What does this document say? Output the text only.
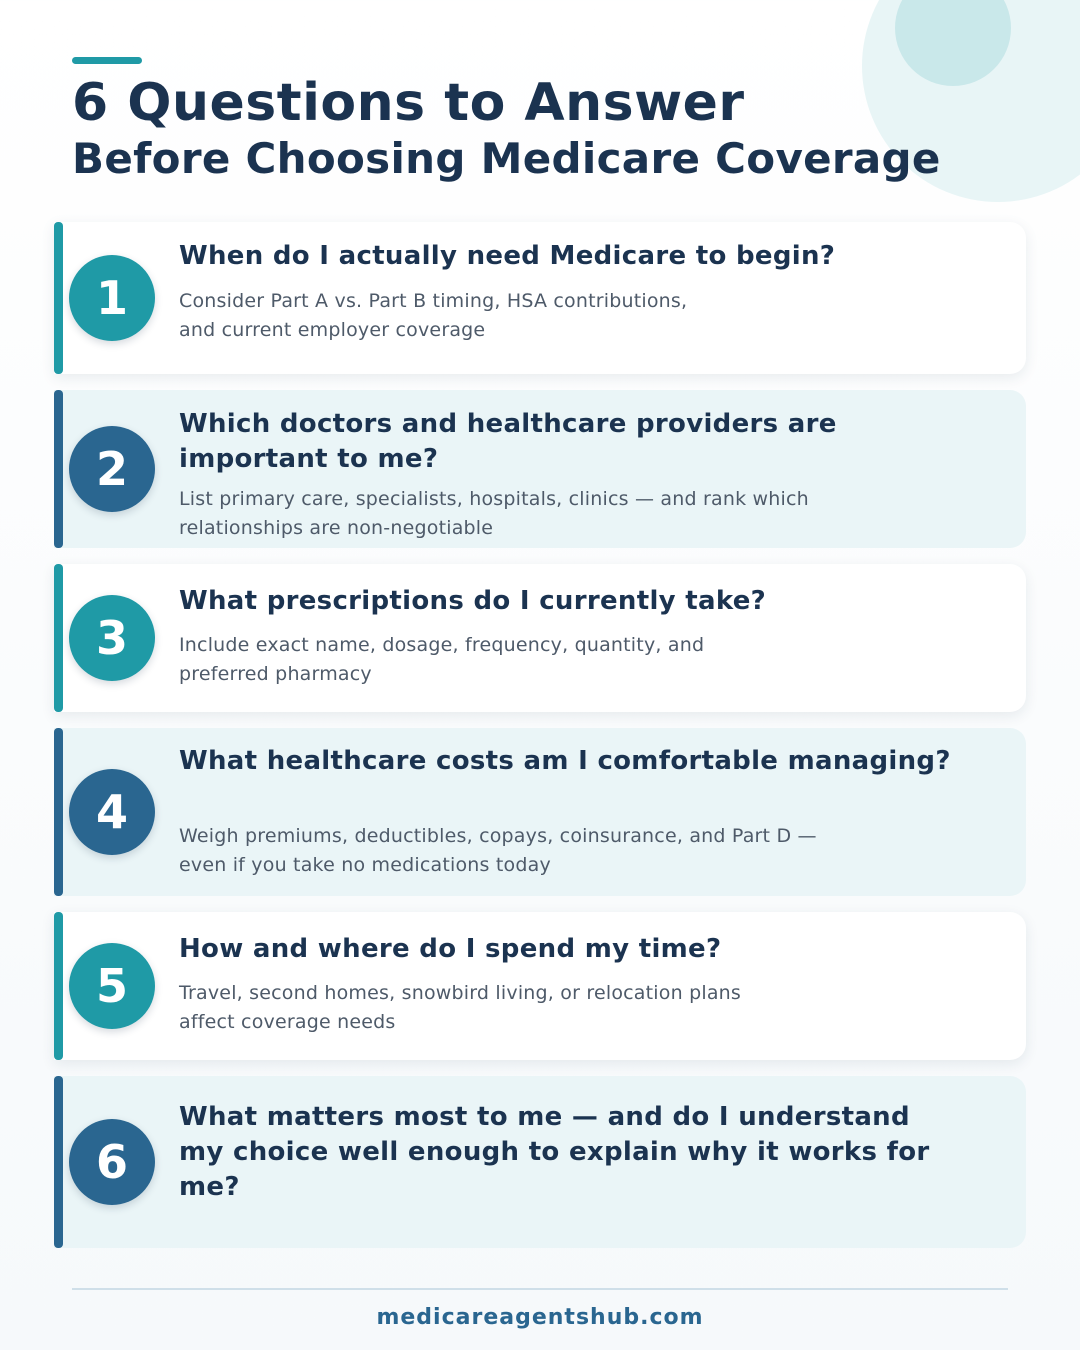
6 Questions to Answer
Before Choosing Medicare Coverage
1
When do I actually need Medicare to begin?
Consider Part A vs. Part B timing, HSA contributions,
and current employer coverage
2
Which doctors and healthcare providers are important to me?
List primary care, specialists, hospitals, clinics — and rank which
relationships are non-negotiable
3
What prescriptions do I currently take?
Include exact name, dosage, frequency, quantity, and
preferred pharmacy
4
What healthcare costs am I comfortable managing?
Weigh premiums, deductibles, copays, coinsurance, and Part D —
even if you take no medications today
5
How and where do I spend my time?
Travel, second homes, snowbird living, or relocation plans
affect coverage needs
6
What matters most to me — and do I understand my choice well enough to explain why it works for me?
medicareagentshub.com
